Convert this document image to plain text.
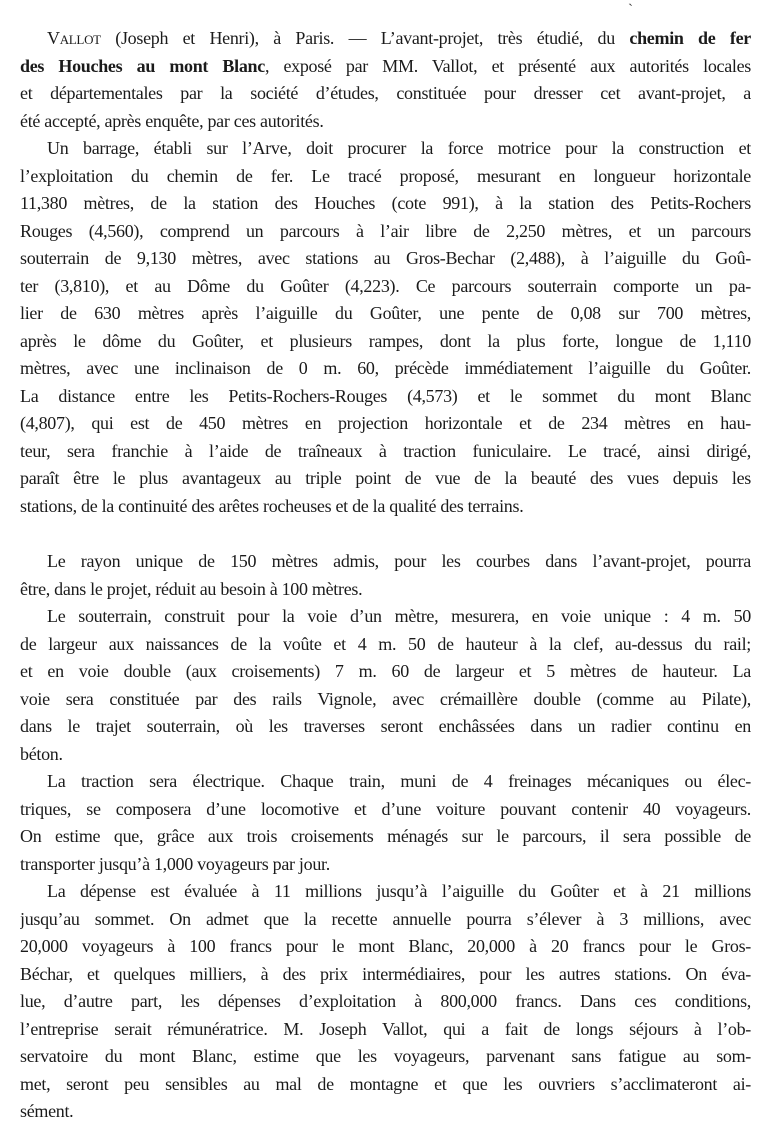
ˋ
Vallot (Joseph et Henri), à Paris. — L’avant-projet, très étudié, du chemin de fer
des Houches au mont Blanc, exposé par MM. Vallot, et présenté aux autorités locales
et départementales par la société d’études, constituée pour dresser cet avant-projet, a
été accepté, après enquête, par ces autorités.
Un barrage, établi sur l’Arve, doit procurer la force motrice pour la construction et
l’exploitation du chemin de fer. Le tracé proposé, mesurant en longueur horizontale
11,380 mètres, de la station des Houches (cote 991), à la station des Petits-Rochers
Rouges (4,560), comprend un parcours à l’air libre de 2,250 mètres, et un parcours
souterrain de 9,130 mètres, avec stations au Gros-Bechar (2,488), à l’aiguille du Goû-
ter (3,810), et au Dôme du Goûter (4,223). Ce parcours souterrain comporte un pa-
lier de 630 mètres après l’aiguille du Goûter, une pente de 0,08 sur 700 mètres,
après le dôme du Goûter, et plusieurs rampes, dont la plus forte, longue de 1,110
mètres, avec une inclinaison de 0 m. 60, précède immédiatement l’aiguille du Goûter.
La distance entre les Petits-Rochers-Rouges (4,573) et le sommet du mont Blanc
(4,807), qui est de 450 mètres en projection horizontale et de 234 mètres en hau-
teur, sera franchie à l’aide de traîneaux à traction funiculaire. Le tracé, ainsi dirigé,
paraît être le plus avantageux au triple point de vue de la beauté des vues depuis les
stations, de la continuité des arêtes rocheuses et de la qualité des terrains.
Le rayon unique de 150 mètres admis, pour les courbes dans l’avant-projet, pourra
être, dans le projet, réduit au besoin à 100 mètres.
Le souterrain, construit pour la voie d’un mètre, mesurera, en voie unique : 4 m. 50
de largeur aux naissances de la voûte et 4 m. 50 de hauteur à la clef, au-dessus du rail;
et en voie double (aux croisements) 7 m. 60 de largeur et 5 mètres de hauteur. La
voie sera constituée par des rails Vignole, avec crémaillère double (comme au Pilate),
dans le trajet souterrain, où les traverses seront enchâssées dans un radier continu en
béton.
La traction sera électrique. Chaque train, muni de 4 freinages mécaniques ou élec-
triques, se composera d’une locomotive et d’une voiture pouvant contenir 40 voyageurs.
On estime que, grâce aux trois croisements ménagés sur le parcours, il sera possible de
transporter jusqu’à 1,000 voyageurs par jour.
La dépense est évaluée à 11 millions jusqu’à l’aiguille du Goûter et à 21 millions
jusqu’au sommet. On admet que la recette annuelle pourra s’élever à 3 millions, avec
20,000 voyageurs à 100 francs pour le mont Blanc, 20,000 à 20 francs pour le Gros-
Béchar, et quelques milliers, à des prix intermédiaires, pour les autres stations. On éva-
lue, d’autre part, les dépenses d’exploitation à 800,000 francs. Dans ces conditions,
l’entreprise serait rémunératrice. M. Joseph Vallot, qui a fait de longs séjours à l’ob-
servatoire du mont Blanc, estime que les voyageurs, parvenant sans fatigue au som-
met, seront peu sensibles au mal de montagne et que les ouvriers s’acclimateront ai-
sément.
